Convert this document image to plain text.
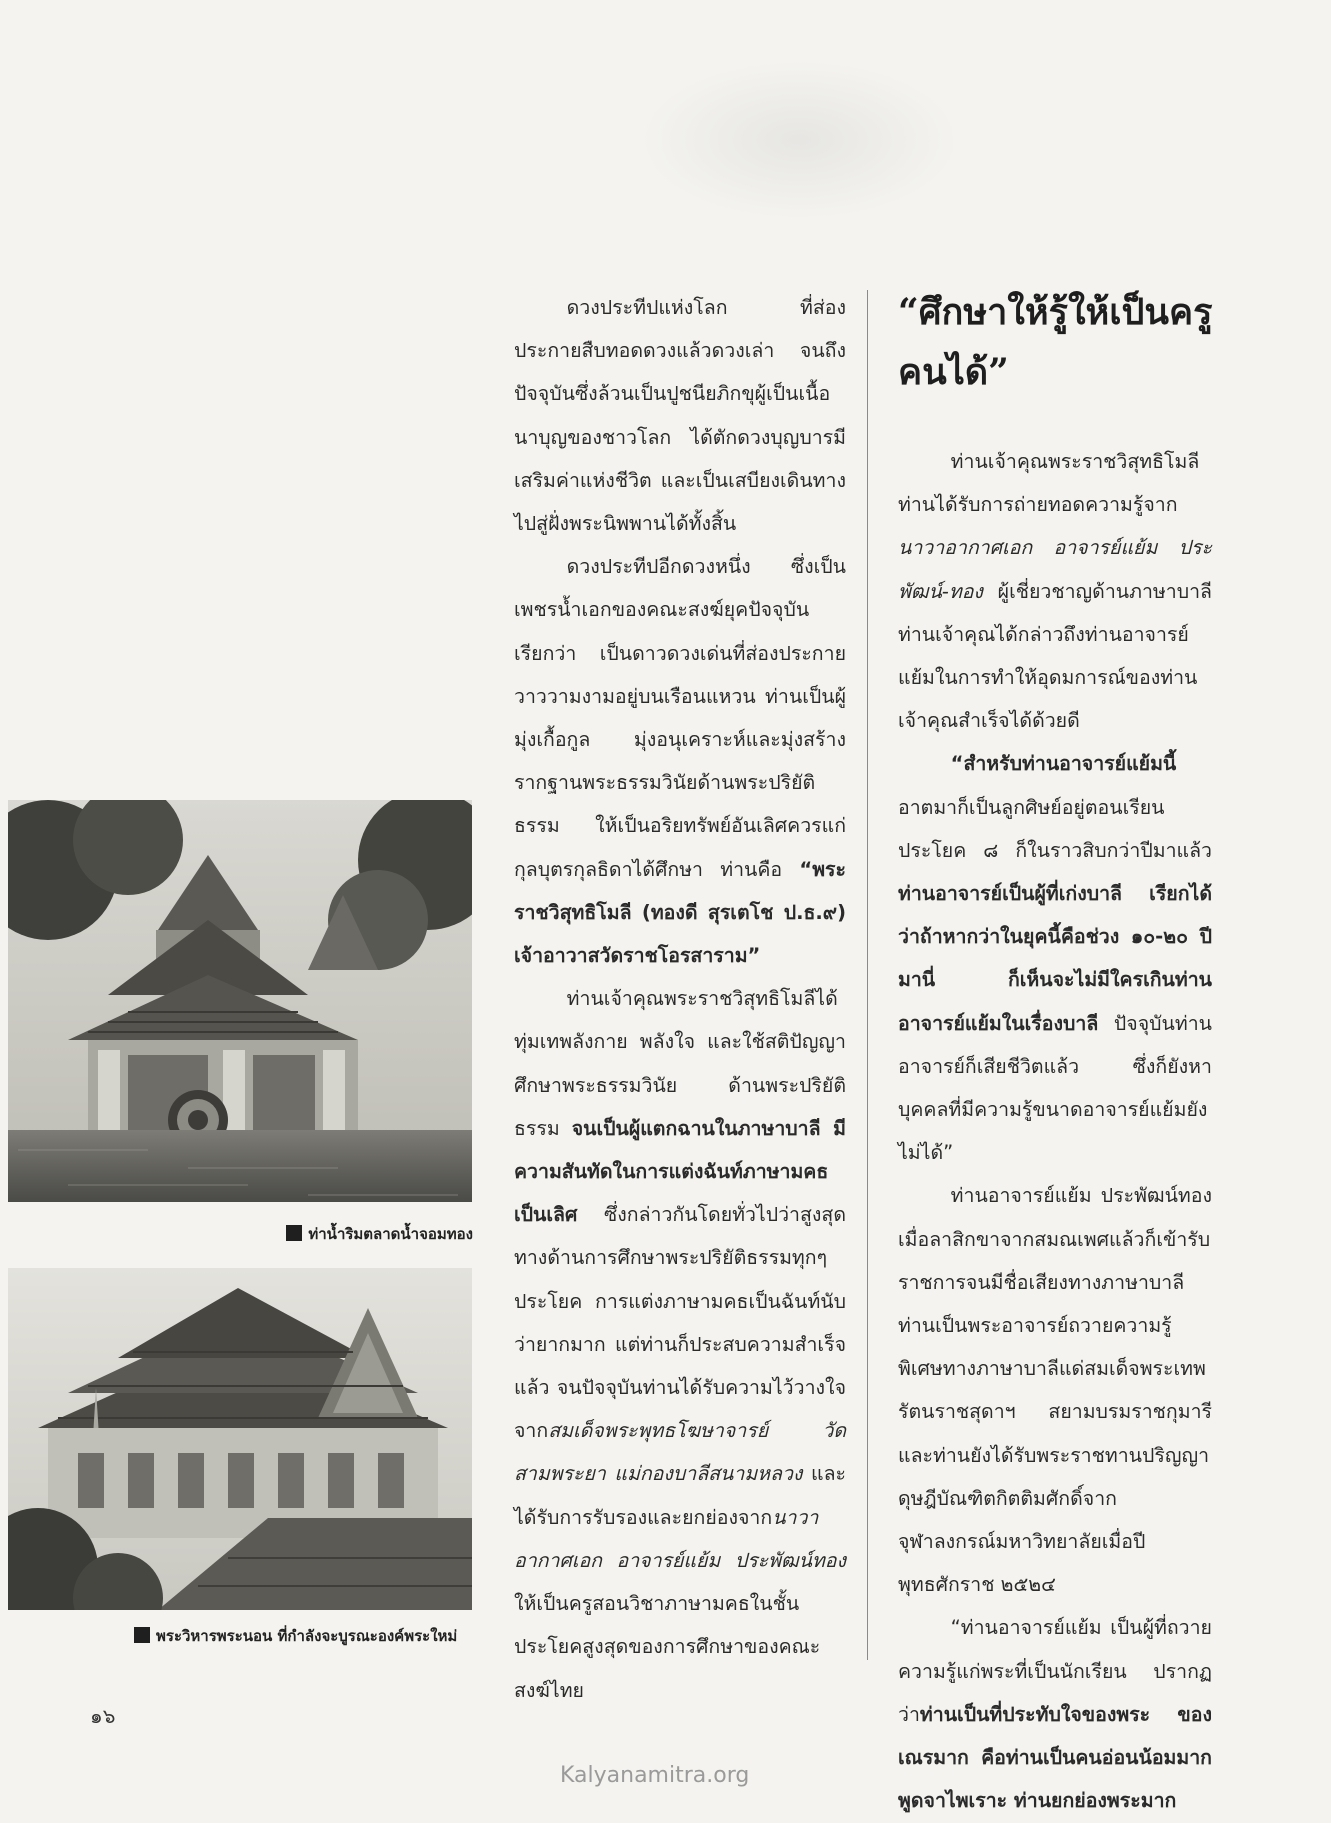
ท่าน้ำริมตลาดน้ำจอมทอง
พระวิหารพระนอน ที่กำลังจะบูรณะองค์พระใหม่

ดวงประทีปแห่งโลก ที่ส่องประกายสืบทอดดวงแล้วดวงเล่า จนถึงปัจจุบันซึ่งล้วนเป็นปูชนียภิกขุผู้เป็นเนื้อนาบุญของชาวโลก ได้ตักดวงบุญบารมีเสริมค่าแห่งชีวิต และเป็นเสบียงเดินทางไปสู่ฝั่งพระนิพพานได้ทั้งสิ้น

ดวงประทีปอีกดวงหนึ่ง ซึ่งเป็นเพชรน้ำเอกของคณะสงฆ์ยุคปัจจุบัน เรียกว่า เป็นดาวดวงเด่นที่ส่องประกายวาววามงามอยู่บนเรือนแหวน ท่านเป็นผู้มุ่งเกื้อกูล มุ่งอนุเคราะห์และมุ่งสร้างรากฐานพระธรรมวินัยด้านพระปริยัติธรรม ให้เป็นอริยทรัพย์อันเลิศควรแก่กุลบุตรกุลธิดาได้ศึกษา ท่านคือ “พระราชวิสุทธิโมลี (ทองดี สุรเตโช ป.ธ.๙) เจ้าอาวาสวัดราชโอรสาราม”

ท่านเจ้าคุณพระราชวิสุทธิโมลีได้ทุ่มเทพลังกาย พลังใจ และใช้สติปัญญาศึกษาพระธรรมวินัย ด้านพระปริยัติธรรม จนเป็นผู้แตกฉานในภาษาบาลี มีความสันทัดในการแต่งฉันท์ภาษามคธเป็นเลิศ ซึ่งกล่าวกันโดยทั่วไปว่าสูงสุดทางด้านการศึกษาพระปริยัติธรรมทุกๆ ประโยค การแต่งภาษามคธเป็นฉันท์นับว่ายากมาก แต่ท่านก็ประสบความสำเร็จแล้ว จนปัจจุบันท่านได้รับความไว้วางใจจากสมเด็จพระพุทธโฆษาจารย์ วัดสามพระยา แม่กองบาลีสนามหลวง และได้รับการรับรองและยกย่องจากนาวาอากาศเอก อาจารย์แย้ม ประพัฒน์ทอง ให้เป็นครูสอนวิชาภาษามคธในชั้นประโยคสูงสุดของการศึกษาของคณะสงฆ์ไทย

“ศึกษาให้รู้ให้เป็นครูคนได้”

ท่านเจ้าคุณพระราชวิสุทธิโมลีท่านได้รับการถ่ายทอดความรู้จากนาวาอากาศเอก อาจารย์แย้ม ประพัฒน์-ทอง ผู้เชี่ยวชาญด้านภาษาบาลี ท่านเจ้าคุณได้กล่าวถึงท่านอาจารย์แย้มในการทำให้อุดมการณ์ของท่านเจ้าคุณสำเร็จได้ด้วยดี

“สำหรับท่านอาจารย์แย้มนี้ อาตมาก็เป็นลูกศิษย์อยู่ตอนเรียนประโยค ๘ ก็ในราวสิบกว่าปีมาแล้ว ท่านอาจารย์เป็นผู้ที่เก่งบาลี เรียกได้ว่าถ้าหากว่าในยุคนี้คือช่วง ๑๐-๒๐ ปีมานี่ ก็เห็นจะไม่มีใครเกินท่านอาจารย์แย้มในเรื่องบาลี ปัจจุบันท่านอาจารย์ก็เสียชีวิตแล้ว ซึ่งก็ยังหาบุคคลที่มีความรู้ขนาดอาจารย์แย้มยังไม่ได้”

ท่านอาจารย์แย้ม ประพัฒน์ทองเมื่อลาสิกขาจากสมณเพศแล้วก็เข้ารับราชการจนมีชื่อเสียงทางภาษาบาลี ท่านเป็นพระอาจารย์ถวายความรู้พิเศษทางภาษาบาลีแด่สมเด็จพระเทพรัตนราชสุดาฯ สยามบรมราชกุมารี และท่านยังได้รับพระราชทานปริญญาดุษฎีบัณฑิตกิตติมศักดิ์จากจุฬาลงกรณ์มหาวิทยาลัยเมื่อปีพุทธศักราช ๒๕๒๔

“ท่านอาจารย์แย้ม เป็นผู้ที่ถวายความรู้แก่พระที่เป็นนักเรียน ปรากฏว่าท่านเป็นที่ประทับใจของพระ ของเณรมาก คือท่านเป็นคนอ่อนน้อมมาก พูดจาไพเราะ ท่านยกย่องพระมาก

๑๖
Kalyanamitra.org
